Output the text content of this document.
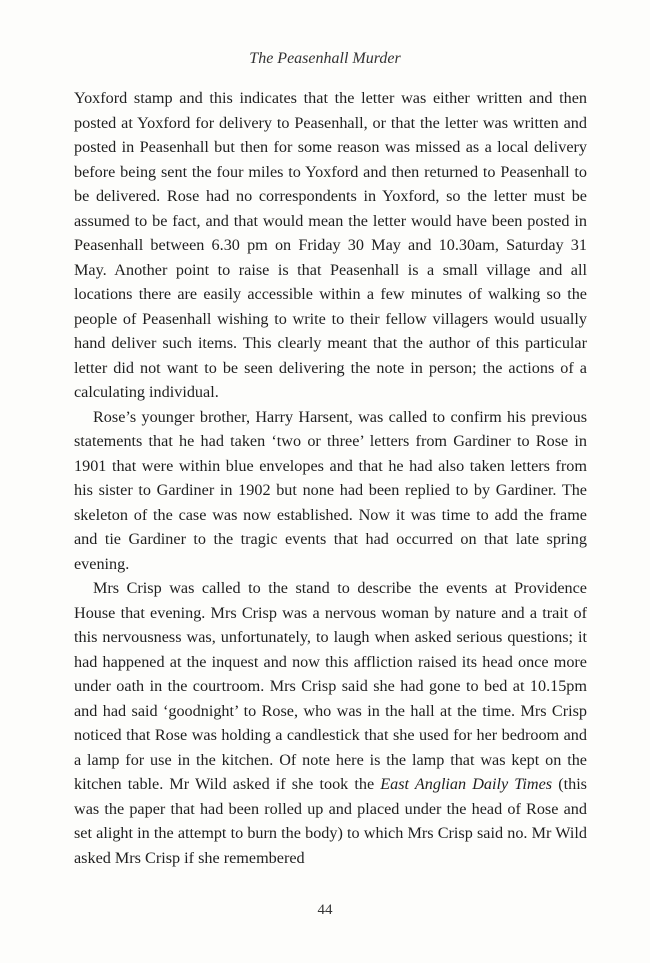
The Peasenhall Murder

Yoxford stamp and this indicates that the letter was either written and then posted at Yoxford for delivery to Peasenhall, or that the letter was written and posted in Peasenhall but then for some reason was missed as a local delivery before being sent the four miles to Yoxford and then returned to Peasenhall to be delivered. Rose had no correspondents in Yoxford, so the letter must be assumed to be fact, and that would mean the letter would have been posted in Peasenhall between 6.30 pm on Friday 30 May and 10.30am, Saturday 31 May. Another point to raise is that Peasenhall is a small village and all locations there are easily accessible within a few minutes of walking so the people of Peasenhall wishing to write to their fellow villagers would usually hand deliver such items. This clearly meant that the author of this particular letter did not want to be seen delivering the note in person; the actions of a calculating individual.

Rose’s younger brother, Harry Harsent, was called to confirm his previous statements that he had taken ‘two or three’ letters from Gardiner to Rose in 1901 that were within blue envelopes and that he had also taken letters from his sister to Gardiner in 1902 but none had been replied to by Gardiner. The skeleton of the case was now established. Now it was time to add the frame and tie Gardiner to the tragic events that had occurred on that late spring evening.

Mrs Crisp was called to the stand to describe the events at Providence House that evening. Mrs Crisp was a nervous woman by nature and a trait of this nervousness was, unfortunately, to laugh when asked serious questions; it had happened at the inquest and now this affliction raised its head once more under oath in the courtroom. Mrs Crisp said she had gone to bed at 10.15pm and had said ‘goodnight’ to Rose, who was in the hall at the time. Mrs Crisp noticed that Rose was holding a candlestick that she used for her bedroom and a lamp for use in the kitchen. Of note here is the lamp that was kept on the kitchen table. Mr Wild asked if she took the East Anglian Daily Times (this was the paper that had been rolled up and placed under the head of Rose and set alight in the attempt to burn the body) to which Mrs Crisp said no. Mr Wild asked Mrs Crisp if she remembered

44
